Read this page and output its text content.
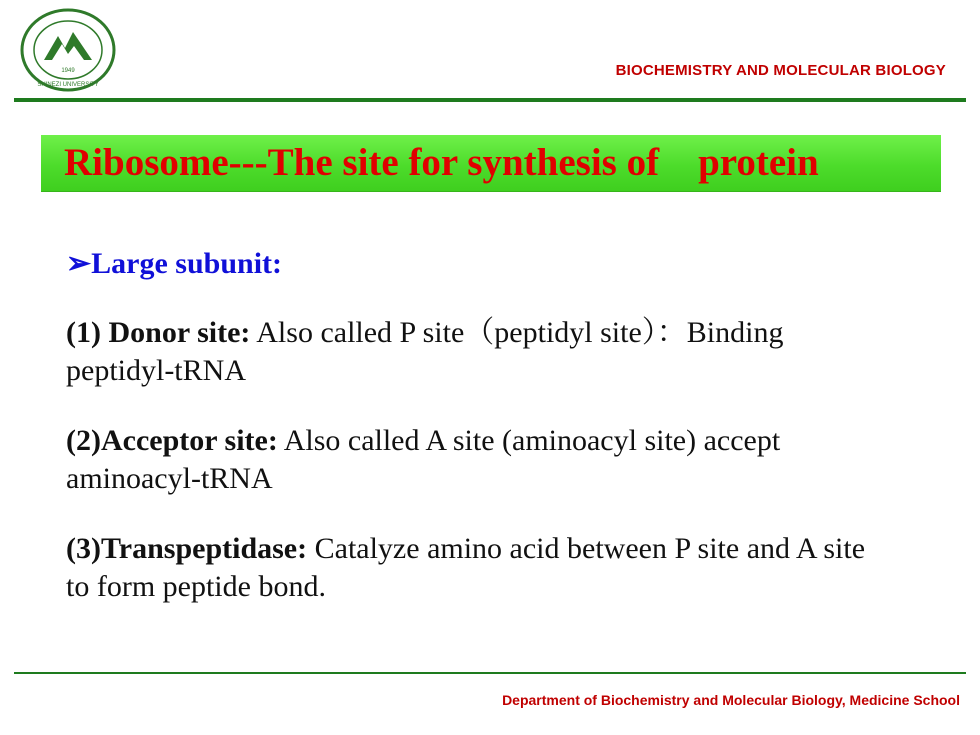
1949
SHINEZI UNIVERSITY
BIOCHEMISTRY AND MOLECULAR BIOLOGY
Ribosome---The site for synthesis of    protein
➢Large subunit:
(1) Donor site: Also called P site（peptidyl site）：Binding peptidyl-tRNA
(2)Acceptor site: Also called A site (aminoacyl site) accept aminoacyl-tRNA
(3)Transpeptidase: Catalyze amino acid between P site and A site to form peptide bond.
Department of Biochemistry and Molecular Biology, Medicine School
